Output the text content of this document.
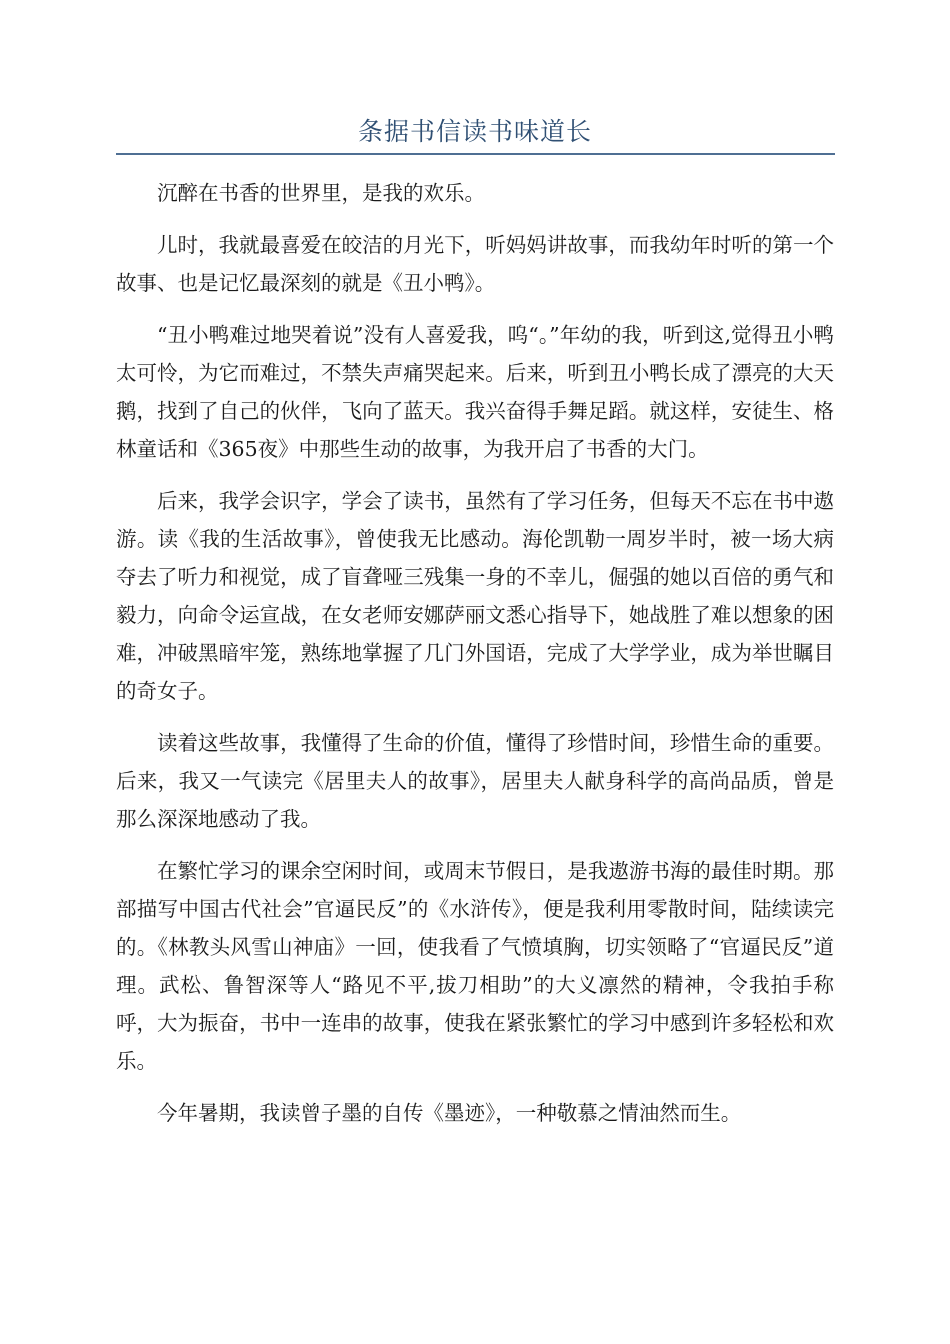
条据书信读书味道长

沉醉在书香的世界里，是我的欢乐。

儿时，我就最喜爱在皎洁的月光下，听妈妈讲故事，而我幼年时听的第一个故事、也是记忆最深刻的就是《丑小鸭》。

“丑小鸭难过地哭着说”没有人喜爱我，呜“。”年幼的我，听到这,觉得丑小鸭太可怜，为它而难过，不禁失声痛哭起来。后来，听到丑小鸭长成了漂亮的大天鹅，找到了自己的伙伴，飞向了蓝天。我兴奋得手舞足蹈。就这样，安徒生、格林童话和《365夜》中那些生动的故事，为我开启了书香的大门。

后来，我学会识字，学会了读书，虽然有了学习任务，但每天不忘在书中遨游。读《我的生活故事》，曾使我无比感动。海伦凯勒一周岁半时，被一场大病夺去了听力和视觉，成了盲聋哑三残集一身的不幸儿，倔强的她以百倍的勇气和毅力，向命令运宣战，在女老师安娜萨丽文悉心指导下，她战胜了难以想象的困难，冲破黑暗牢笼，熟练地掌握了几门外国语，完成了大学学业，成为举世瞩目的奇女子。

读着这些故事，我懂得了生命的价值，懂得了珍惜时间，珍惜生命的重要。后来，我又一气读完《居里夫人的故事》，居里夫人献身科学的高尚品质，曾是那么深深地感动了我。

在繁忙学习的课余空闲时间，或周末节假日，是我遨游书海的最佳时期。那部描写中国古代社会”官逼民反”的《水浒传》，便是我利用零散时间，陆续读完的。《林教头风雪山神庙》一回，使我看了气愤填胸，切实领略了“官逼民反”道理。武松、鲁智深等人“路见不平,拔刀相助”的大义凛然的精神，令我拍手称呼，大为振奋，书中一连串的故事，使我在紧张繁忙的学习中感到许多轻松和欢乐。

今年暑期，我读曾子墨的自传《墨迹》，一种敬慕之情油然而生。
